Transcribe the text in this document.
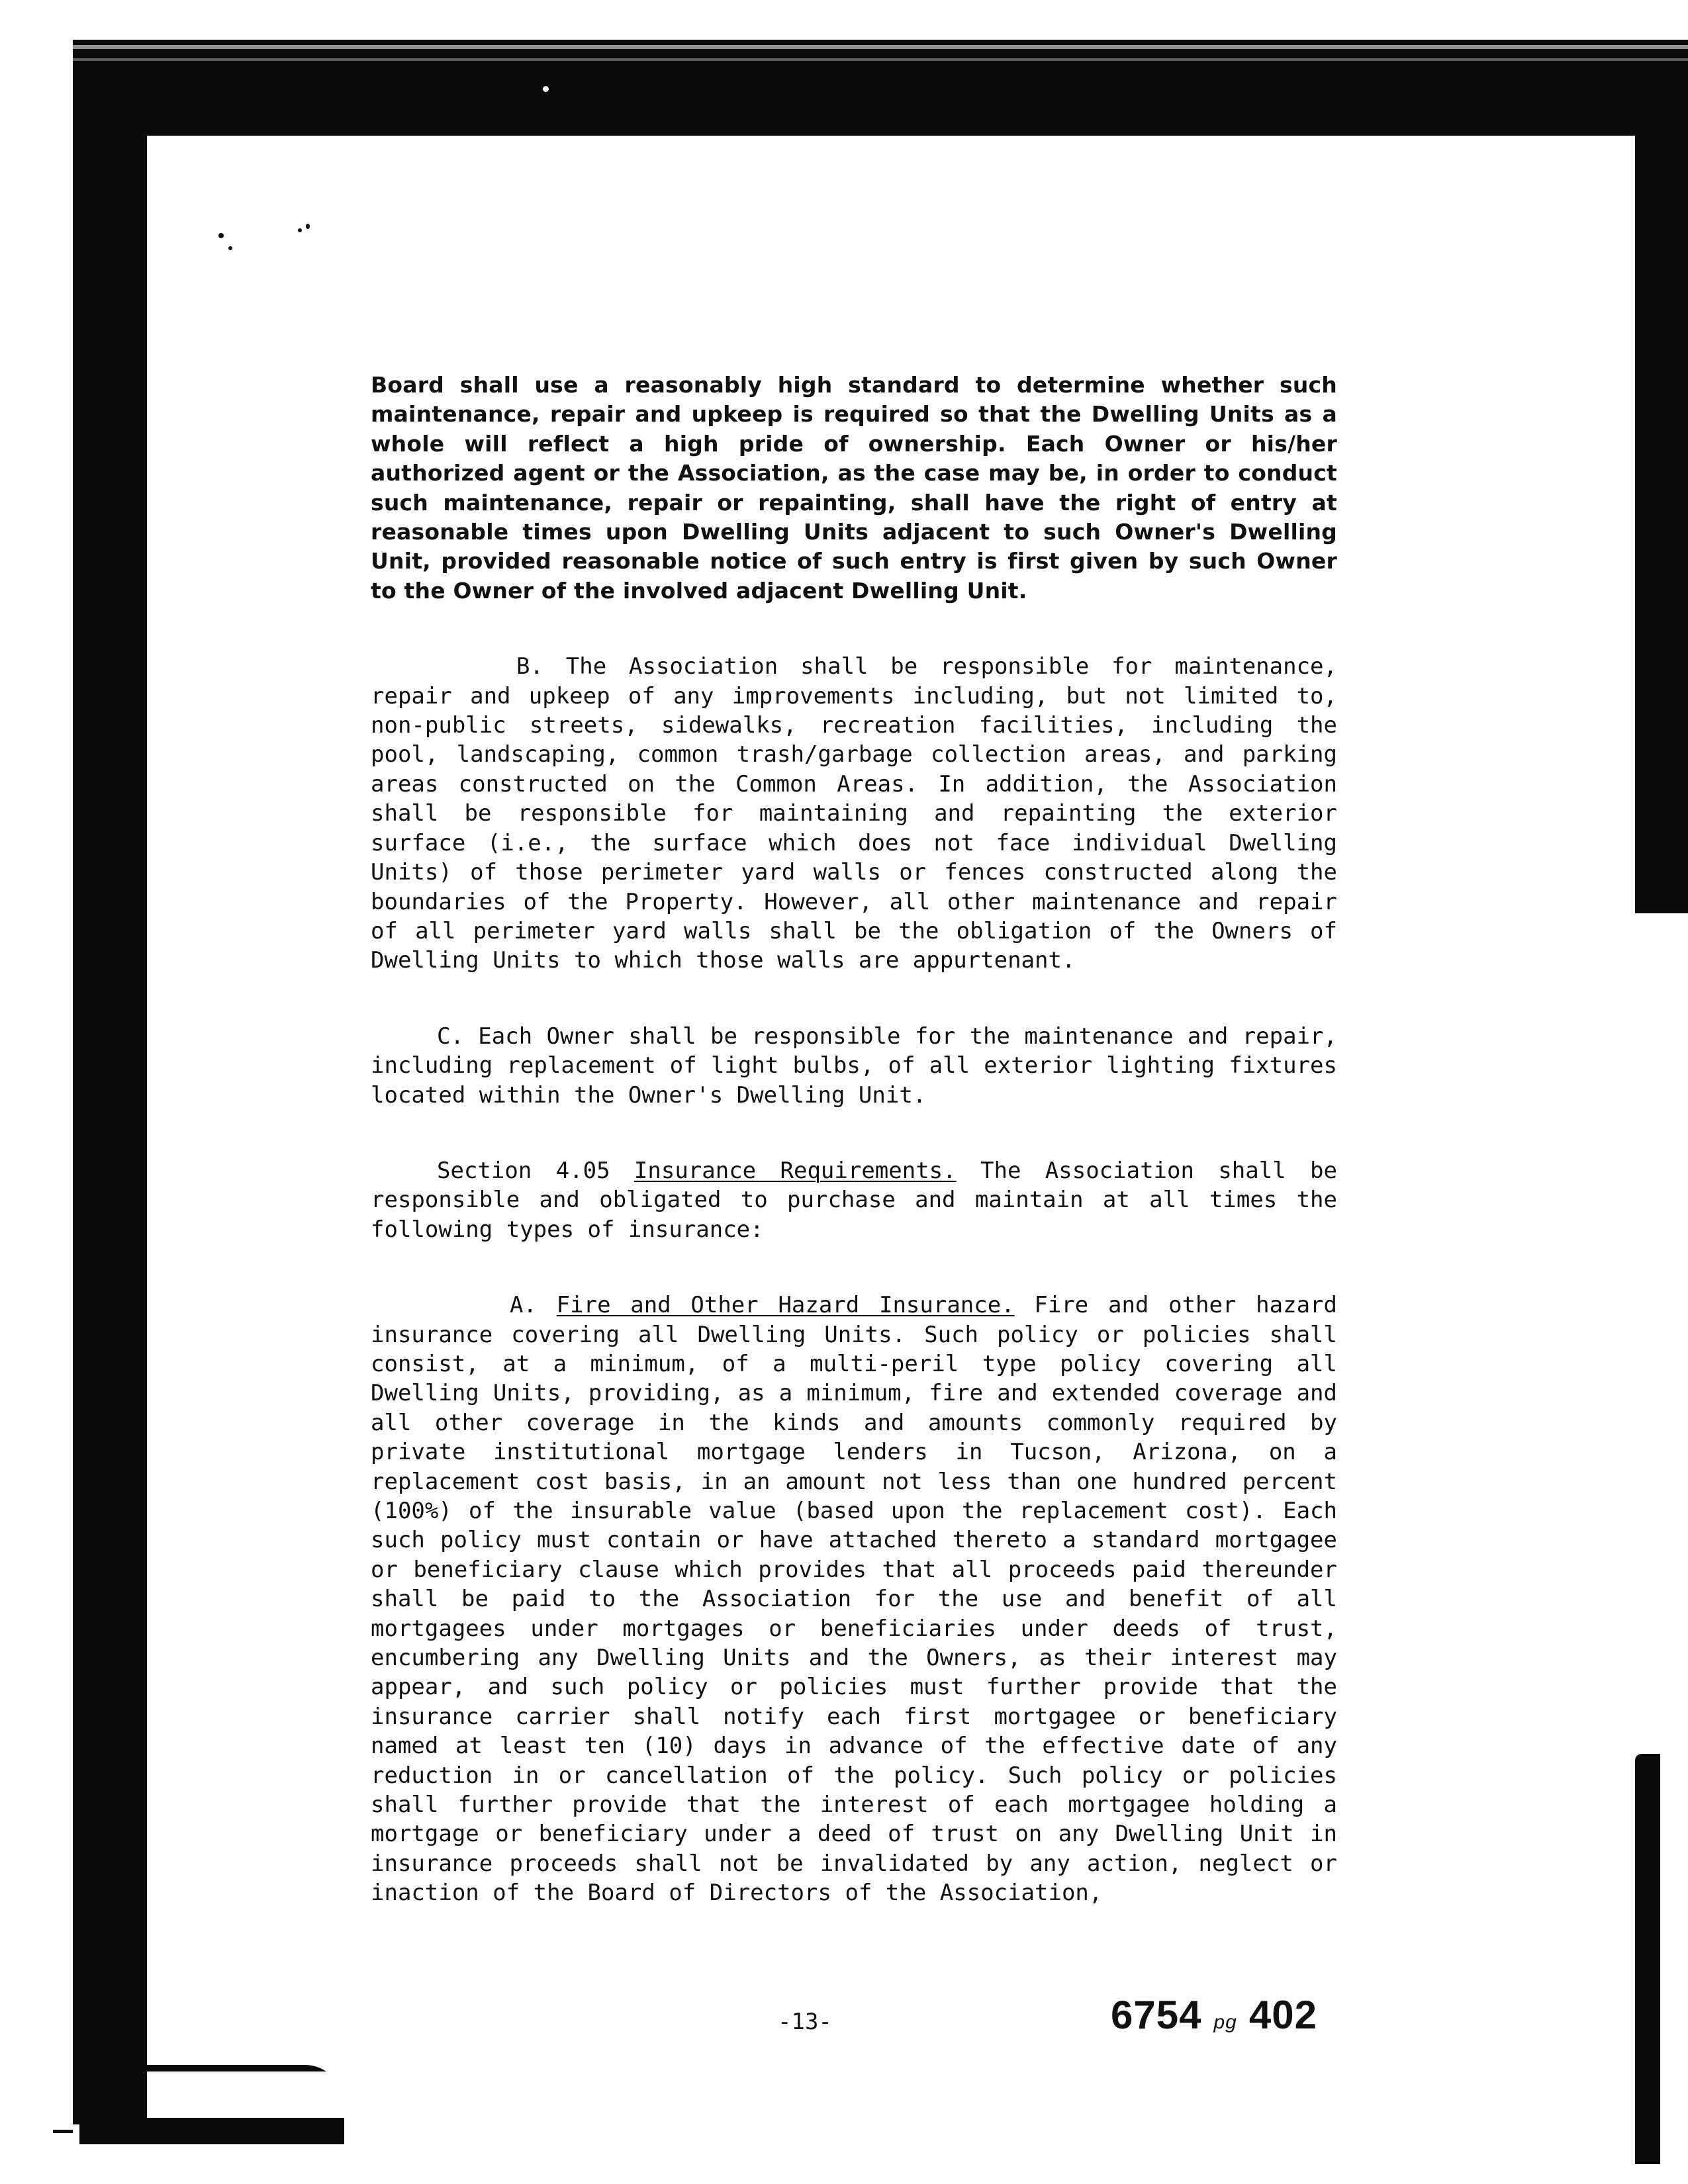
Board shall use a reasonably high standard to determine whether such maintenance, repair and upkeep is required so that the Dwelling Units as a whole will reflect a high pride of ownership. Each Owner or his/her authorized agent or the Association, as the case may be, in order to conduct such maintenance, repair or repainting, shall have the right of entry at reasonable times upon Dwelling Units adjacent to such Owner's Dwelling Unit, provided reasonable notice of such entry is first given by such Owner to the Owner of the involved adjacent Dwelling Unit.
B. The Association shall be responsible for maintenance, repair and upkeep of any improvements including, but not limited to, non-public streets, sidewalks, recreation facilities, including the pool, landscaping, common trash/garbage collection areas, and parking areas constructed on the Common Areas. In addition, the Association shall be responsible for maintaining and repainting the exterior surface (i.e., the surface which does not face individual Dwelling Units) of those perimeter yard walls or fences constructed along the boundaries of the Property. However, all other maintenance and repair of all perimeter yard walls shall be the obligation of the Owners of Dwelling Units to which those walls are appurtenant.
C. Each Owner shall be responsible for the maintenance and repair, including replacement of light bulbs, of all exterior lighting fixtures located within the Owner's Dwelling Unit.
Section 4.05 Insurance Requirements. The Association shall be responsible and obligated to purchase and maintain at all times the following types of insurance:
A. Fire and Other Hazard Insurance. Fire and other hazard insurance covering all Dwelling Units. Such policy or policies shall consist, at a minimum, of a multi-peril type policy covering all Dwelling Units, providing, as a minimum, fire and extended coverage and all other coverage in the kinds and amounts commonly required by private institutional mortgage lenders in Tucson, Arizona, on a replacement cost basis, in an amount not less than one hundred percent (100%) of the insurable value (based upon the replacement cost). Each such policy must contain or have attached thereto a standard mortgagee or beneficiary clause which provides that all proceeds paid thereunder shall be paid to the Association for the use and benefit of all mortgagees under mortgages or beneficiaries under deeds of trust, encumbering any Dwelling Units and the Owners, as their interest may appear, and such policy or policies must further provide that the insurance carrier shall notify each first mortgagee or beneficiary named at least ten (10) days in advance of the effective date of any reduction in or cancellation of the policy. Such policy or policies shall further provide that the interest of each mortgagee holding a mortgage or beneficiary under a deed of trust on any Dwelling Unit in insurance proceeds shall not be invalidated by any action, neglect or inaction of the Board of Directors of the Association,
-13-	6754 pg 402
